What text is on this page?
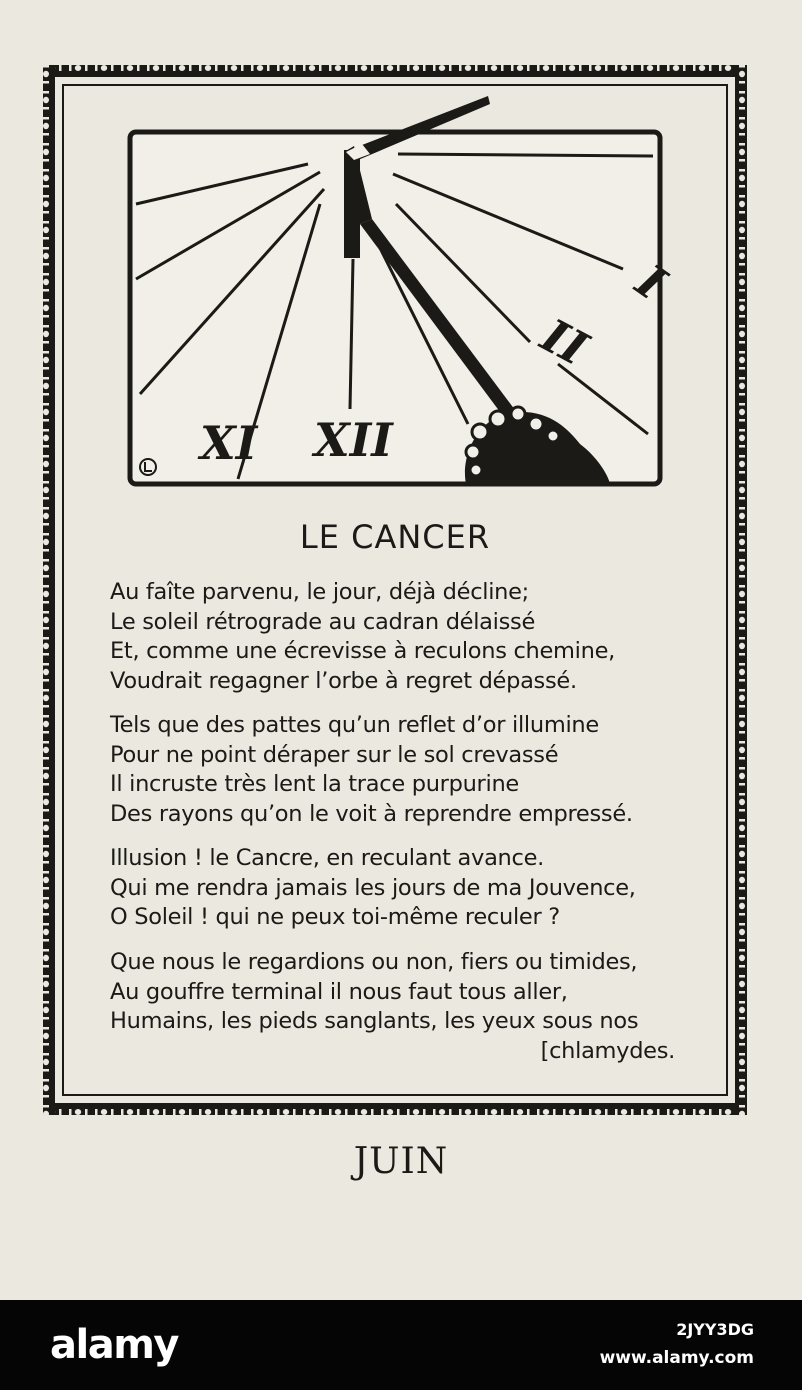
XI XII
I
II
LE CANCER
Au faîte parvenu, le jour, déjà décline;
Le soleil rétrograde au cadran délaissé
Et, comme une écrevisse à reculons chemine,
Voudrait regagner l’orbe à regret dépassé.
Tels que des pattes qu’un reflet d’or illumine
Pour ne point déraper sur le sol crevassé
Il incruste très lent la trace purpurine
Des rayons qu’on le voit à reprendre empressé.
Illusion ! le Cancre, en reculant avance.
Qui me rendra jamais les jours de ma Jouvence,
O Soleil ! qui ne peux toi-même reculer ?
Que nous le regardions ou non, fiers ou timides,
Au gouffre terminal il nous faut tous aller,
Humains, les pieds sanglants, les yeux sous nos
[chlamydes.
JUIN
alamy	2JYY3DG
www.alamy.com
